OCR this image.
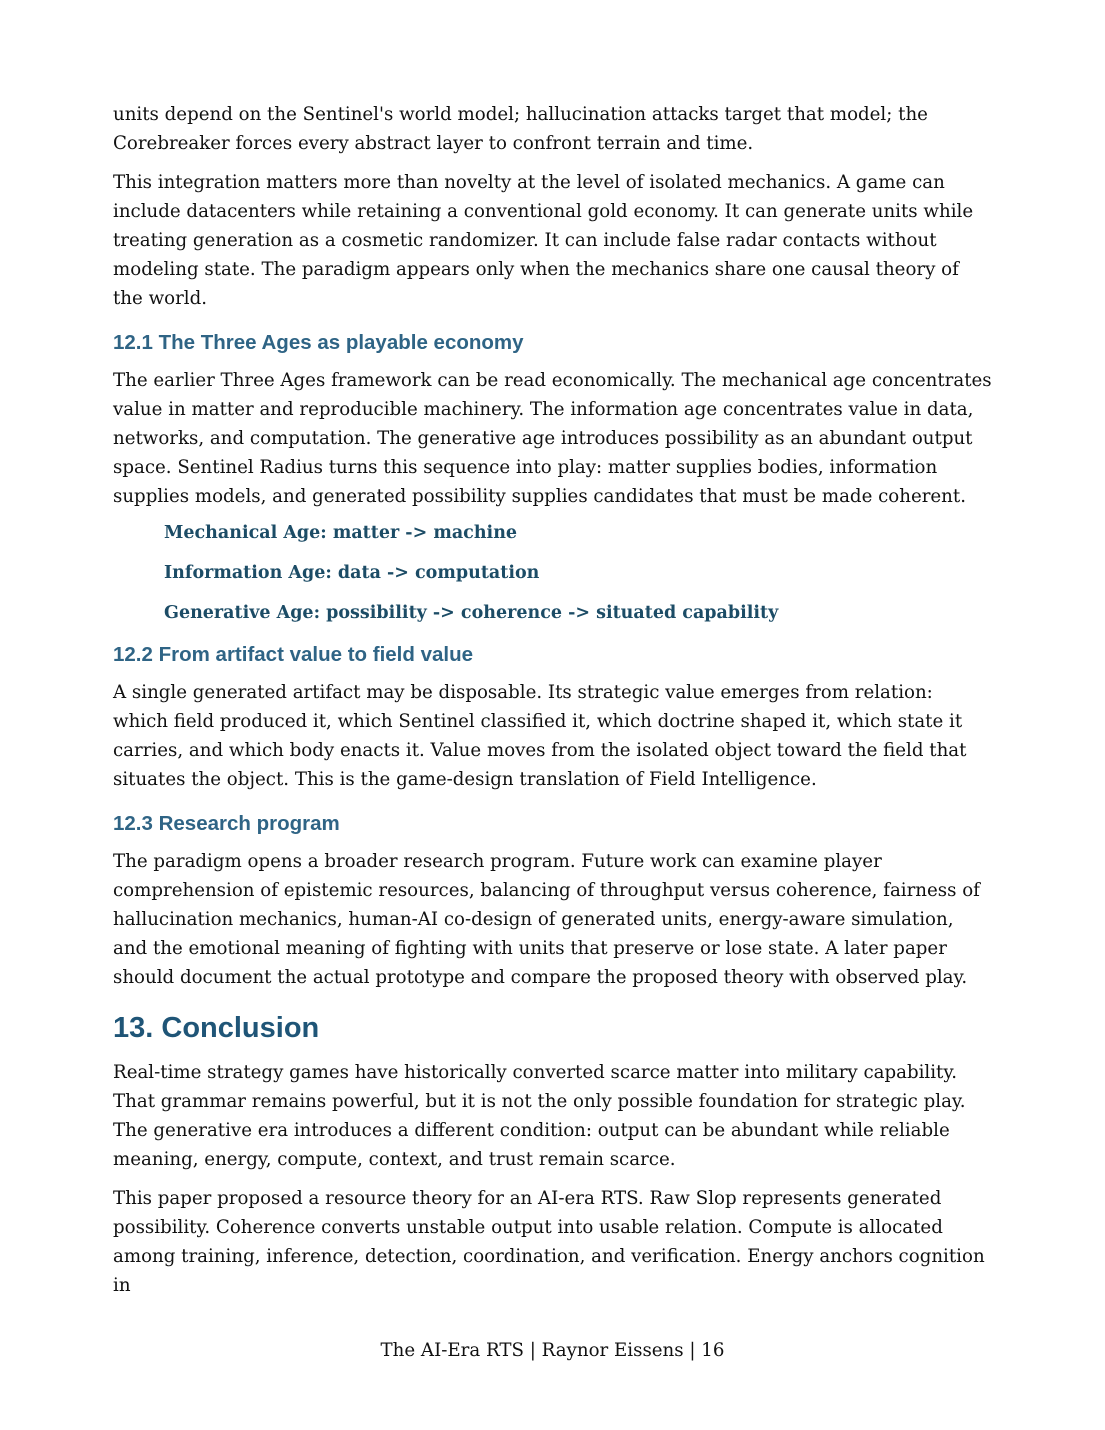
units depend on the Sentinel's world model; hallucination attacks target that model; the Corebreaker forces every abstract layer to confront terrain and time.

This integration matters more than novelty at the level of isolated mechanics. A game can include datacenters while retaining a conventional gold economy. It can generate units while treating generation as a cosmetic randomizer. It can include false radar contacts without modeling state. The paradigm appears only when the mechanics share one causal theory of the world.

12.1 The Three Ages as playable economy

The earlier Three Ages framework can be read economically. The mechanical age concentrates value in matter and reproducible machinery. The information age concentrates value in data, networks, and computation. The generative age introduces possibility as an abundant output space. Sentinel Radius turns this sequence into play: matter supplies bodies, information supplies models, and generated possibility supplies candidates that must be made coherent.

Mechanical Age: matter -> machine
Information Age: data -> computation
Generative Age: possibility -> coherence -> situated capability
12.2 From artifact value to field value

A single generated artifact may be disposable. Its strategic value emerges from relation: which field produced it, which Sentinel classified it, which doctrine shaped it, which state it carries, and which body enacts it. Value moves from the isolated object toward the field that situates the object. This is the game-design translation of Field Intelligence.

12.3 Research program

The paradigm opens a broader research program. Future work can examine player comprehension of epistemic resources, balancing of throughput versus coherence, fairness of hallucination mechanics, human-AI co-design of generated units, energy-aware simulation, and the emotional meaning of fighting with units that preserve or lose state. A later paper should document the actual prototype and compare the proposed theory with observed play.

13. Conclusion

Real-time strategy games have historically converted scarce matter into military capability. That grammar remains powerful, but it is not the only possible foundation for strategic play. The generative era introduces a different condition: output can be abundant while reliable meaning, energy, compute, context, and trust remain scarce.

This paper proposed a resource theory for an AI-era RTS. Raw Slop represents generated possibility. Coherence converts unstable output into usable relation. Compute is allocated among training, inference, detection, coordination, and verification. Energy anchors cognition in

The AI-Era RTS | Raynor Eissens | 16
